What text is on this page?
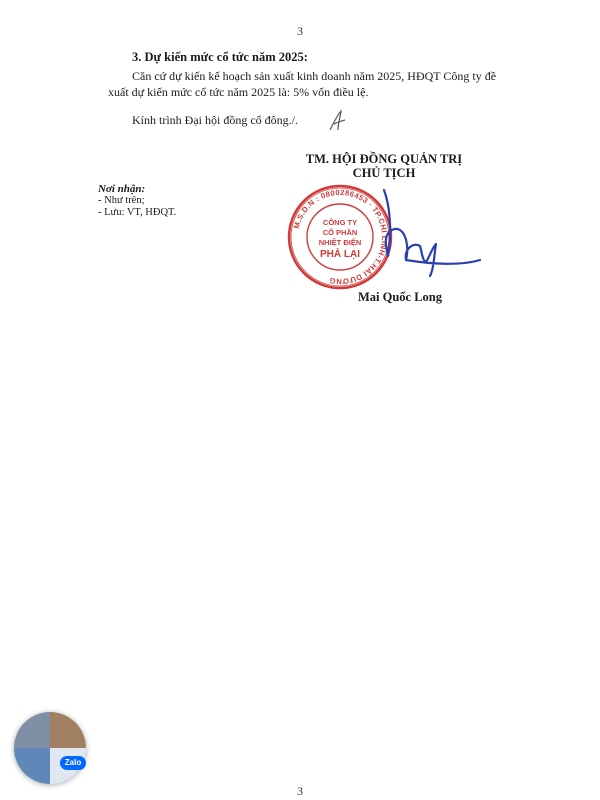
3
3. Dự kiến mức cổ tức năm 2025:
Căn cứ dự kiến kế hoạch sản xuất kinh doanh năm 2025, HĐQT Công ty đề
xuất dự kiến mức cổ tức năm 2025 là: 5% vốn điều lệ.
Kính trình Đại hội đồng cổ đông./.
TM. HỘI ĐỒNG QUẢN TRỊ
CHỦ TỊCH
Nơi nhận:
- Như trên;
- Lưu: VT, HĐQT.
M.S.D.N : 0800286453 · TP.CHÍ LINH-T.HẢI DƯƠNG
CÔNG TY
CỔ PHẦN
NHIỆT ĐIỆN
PHẢ LẠI
Mai Quốc Long
Zalo
3
